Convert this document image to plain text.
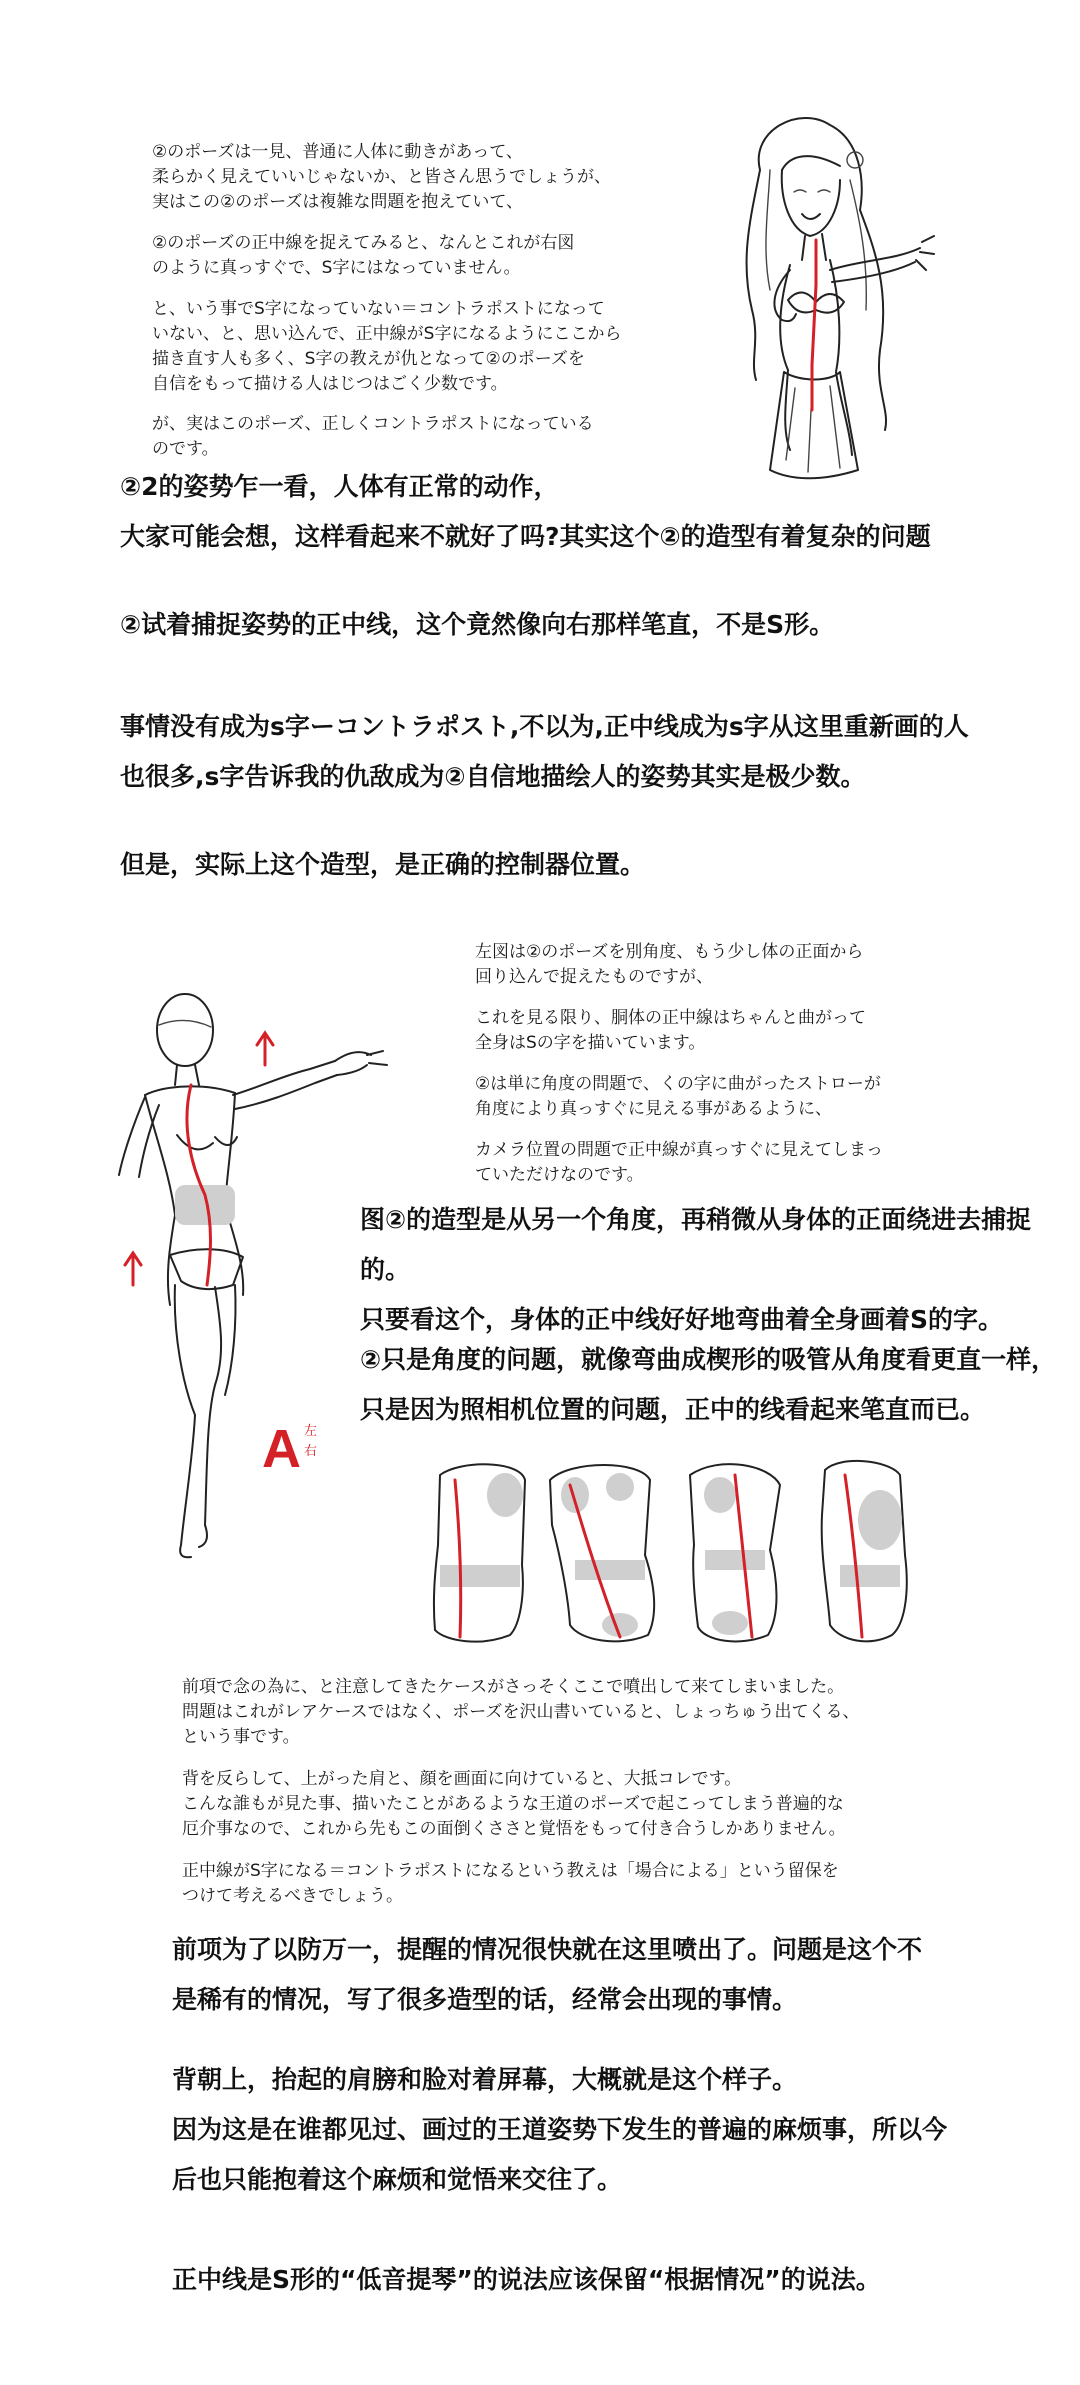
②のポーズは一見、普通に人体に動きがあって、
柔らかく見えていいじゃないか、と皆さん思うでしょうが、
実はこの②のポーズは複雑な問題を抱えていて、
②のポーズの正中線を捉えてみると、なんとこれが右図
のように真っすぐで、S字にはなっていません。
と、いう事でS字になっていない＝コントラポストになって
いない、と、思い込んで、正中線がS字になるようにここから
描き直す人も多く、S字の教えが仇となって②のポーズを
自信をもって描ける人はじつはごく少数です。
が、実はこのポーズ、正しくコントラポストになっている
のです。
②2的姿势乍一看，人体有正常的动作，
大家可能会想，这样看起来不就好了吗?其实这个②的造型有着复杂的问题
②试着捕捉姿势的正中线，这个竟然像向右那样笔直，不是S形。
事情没有成为s字ーコントラポスト,不以为,正中线成为s字从这里重新画的人
也很多,s字告诉我的仇敌成为②自信地描绘人的姿势其实是极少数。
但是，实际上这个造型，是正确的控制器位置。
左図は②のポーズを別角度、もう少し体の正面から
回り込んで捉えたものですが、
これを見る限り、胴体の正中線はちゃんと曲がって
全身はSの字を描いています。
②は単に角度の問題で、くの字に曲がったストローが
角度により真っすぐに見える事があるように、
カメラ位置の問題で正中線が真っすぐに見えてしまっ
ていただけなのです。
A 左
右
图②的造型是从另一个角度，再稍微从身体的正面绕进去捕捉的。
只要看这个，身体的正中线好好地弯曲着全身画着S的字。
②只是角度的问题，就像弯曲成楔形的吸管从角度看更直一样，
只是因为照相机位置的问题，正中的线看起来笔直而已。
前項で念の為に、と注意してきたケースがさっそくここで噴出して来てしまいました。
問題はこれがレアケースではなく、ポーズを沢山書いていると、しょっちゅう出てくる、
という事です。
背を反らして、上がった肩と、顔を画面に向けていると、大抵コレです。
こんな誰もが見た事、描いたことがあるような王道のポーズで起こってしまう普遍的な
厄介事なので、これから先もこの面倒くささと覚悟をもって付き合うしかありません。
正中線がS字になる＝コントラポストになるという教えは「場合による」という留保を
つけて考えるべきでしょう。
前项为了以防万一，提醒的情况很快就在这里喷出了。问题是这个不
是稀有的情况，写了很多造型的话，经常会出现的事情。
背朝上，抬起的肩膀和脸对着屏幕，大概就是这个样子。
因为这是在谁都见过、画过的王道姿势下发生的普遍的麻烦事，所以今
后也只能抱着这个麻烦和觉悟来交往了。
正中线是S形的“低音提琴”的说法应该保留“根据情况”的说法。
